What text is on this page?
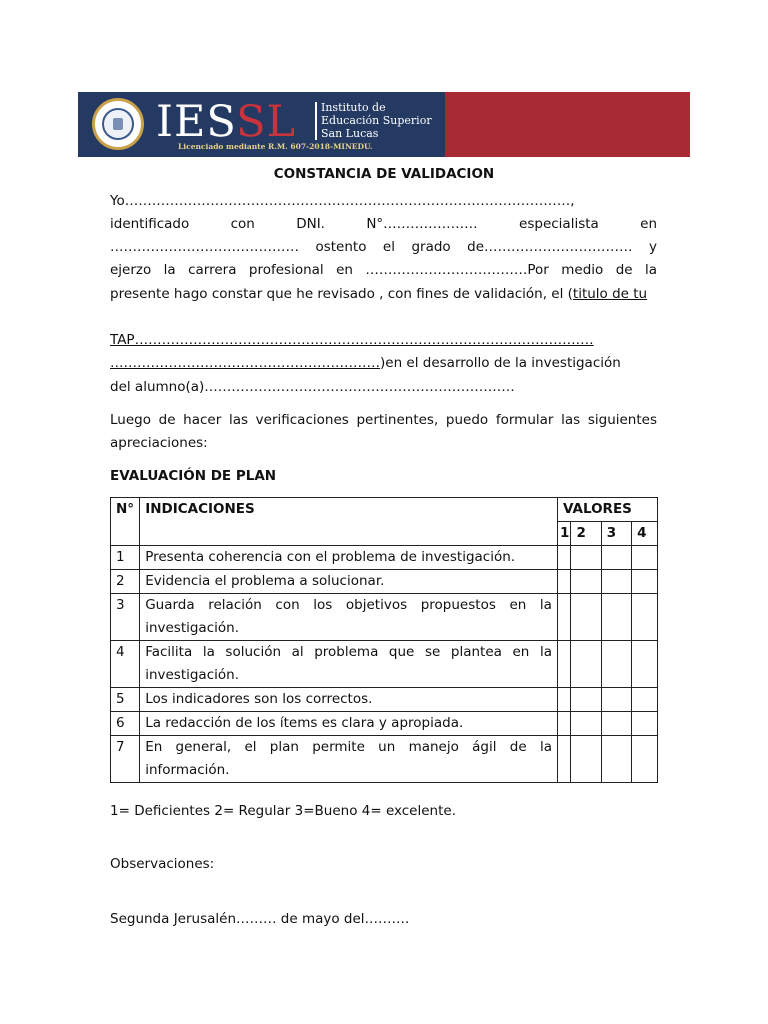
IESSL Instituto de
Educación Superior
San Lucas
Licenciado mediante R.M. 607-2018-MINEDU.
CONSTANCIA DE VALIDACION
Yo………………………………………………………………………………………,
identificado	con	DNI.	N°…………………	especialista	en
…………………………………… ostento el grado de…………………………… y
ejerzo la carrera profesional en ………………………………Por medio de la
presente hago constar que he revisado , con fines de validación, el (titulo de tu
TAP…………………………………………………………………………………………
……………………………………………………)en el desarrollo de la investigación
del alumno(a)……………………………………………………………
Luego de hacer las verificaciones pertinentes, puedo formular las siguientes apreciaciones:
EVALUACIÓN DE PLAN
N°	INDICACIONES	VALORES			
		1	2	3	4
1	Presenta coherencia con el problema de investigación.				
2	Evidencia el problema a solucionar.				
3	Guarda relación con los objetivos propuestos en la investigación.				
4	Facilita la solución al problema que se plantea en la investigación.				
5	Los indicadores son los correctos.				
6	La redacción de los ítems es clara y apropiada.				
7	En general, el plan permite un manejo ágil de la información.				
1= Deficientes 2= Regular 3=Bueno 4= excelente.
Observaciones:
Segunda Jerusalén……… de mayo del……….
